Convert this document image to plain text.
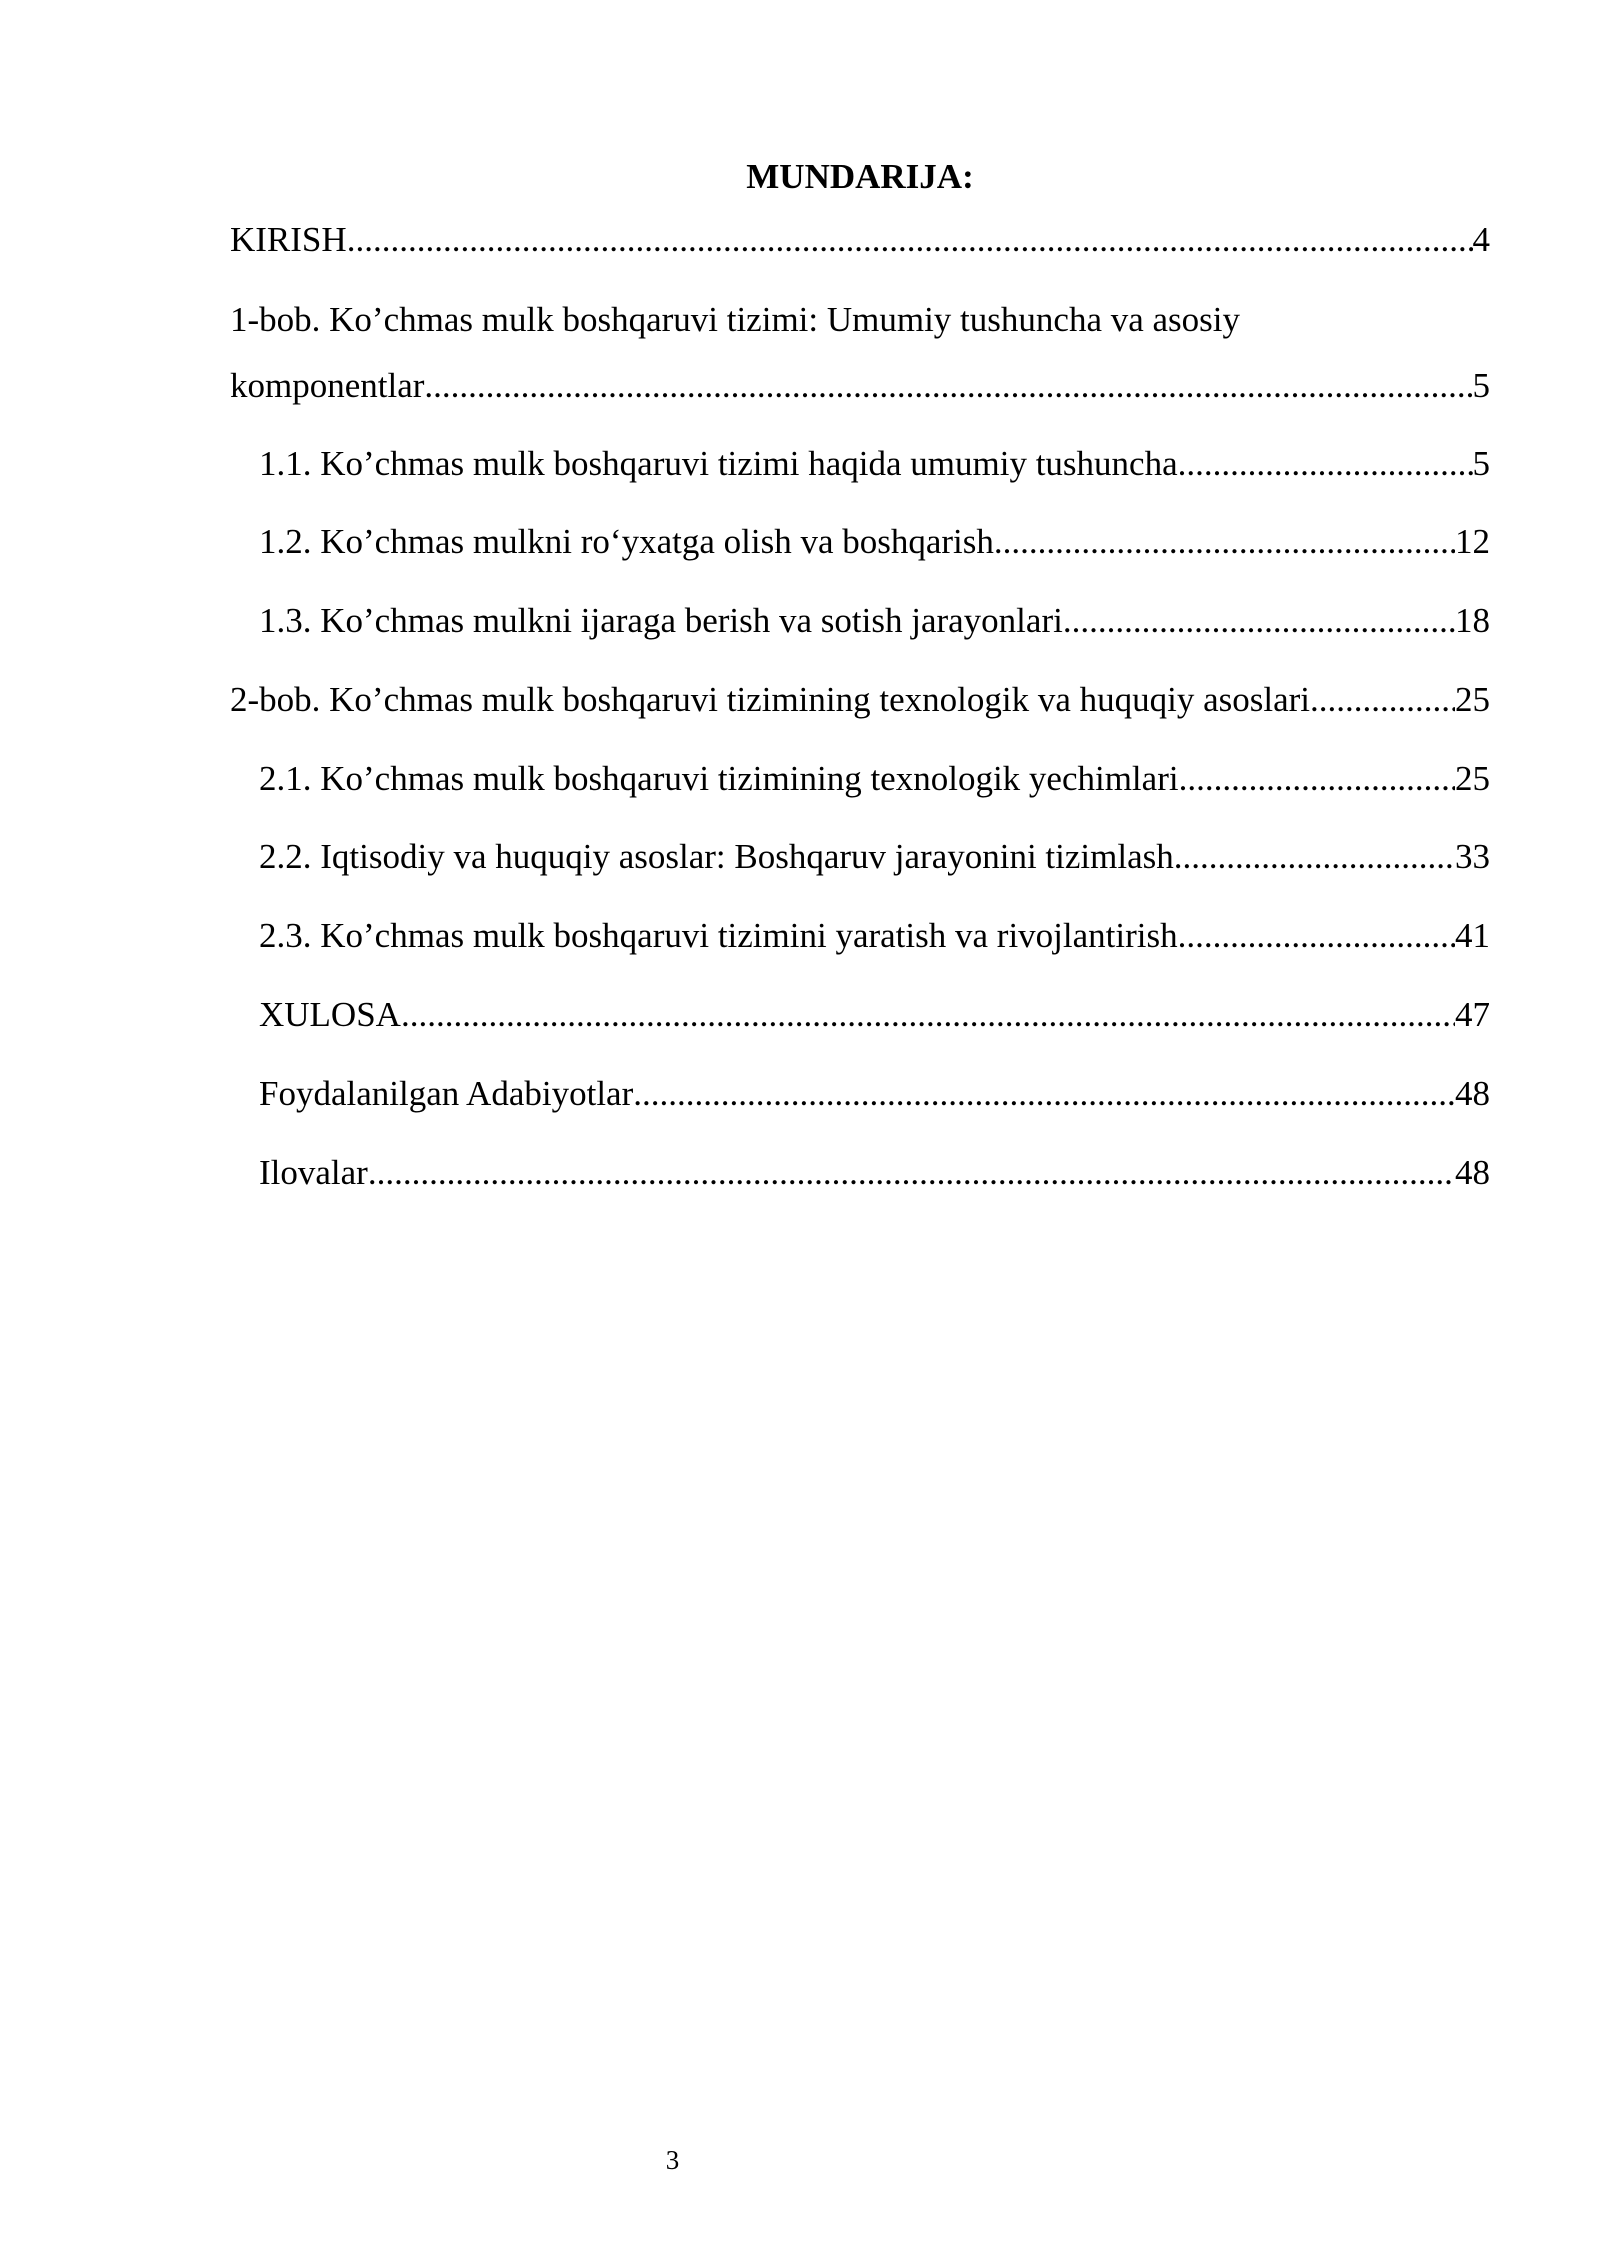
MUNDARIJA:
KIRISH .....	4
1-bob. Ko’chmas mulk boshqaruvi tizimi: Umumiy tushuncha va asosiy
komponentlar .....	5
1.1. Ko’chmas mulk boshqaruvi tizimi haqida umumiy tushuncha .....	5
1.2. Ko’chmas mulkni ro‘yxatga olish va boshqarish .....	12
1.3. Ko’chmas mulkni ijaraga berish va sotish jarayonlari .....	18
2-bob. Ko’chmas mulk boshqaruvi tizimining texnologik va huquqiy asoslari .....	25
2.1. Ko’chmas mulk boshqaruvi tizimining texnologik yechimlari .....	25
2.2. Iqtisodiy va huquqiy asoslar: Boshqaruv jarayonini tizimlash .....	33
2.3. Ko’chmas mulk boshqaruvi tizimini yaratish va rivojlantirish .....	41
XULOSA .....	47
Foydalanilgan Adabiyotlar .....	48
Ilovalar .....	48
3
